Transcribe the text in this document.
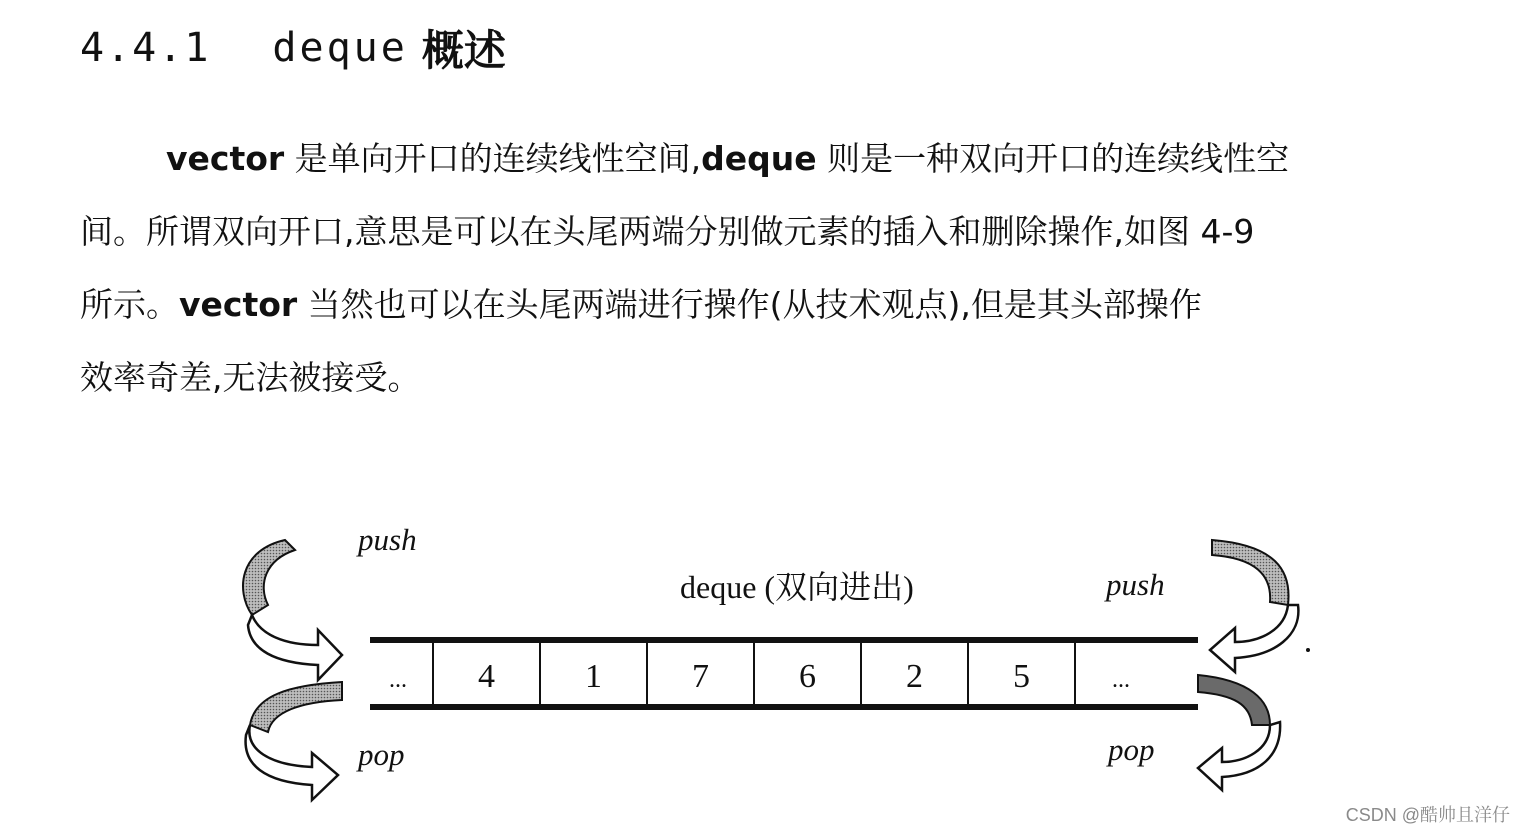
4.4.1 deque 概述
vector 是单向开口的连续线性空间,deque 则是一种双向开口的连续线性空
间。所谓双向开口,意思是可以在头尾两端分别做元素的插入和删除操作,如图 4-9
所示。vector 当然也可以在头尾两端进行操作(从技术观点),但是其头部操作
效率奇差,无法被接受。
deque (双向进出)
... 4	1	7	6	2	5	...
push
pop
push
pop
CSDN @酷帅且洋仔
